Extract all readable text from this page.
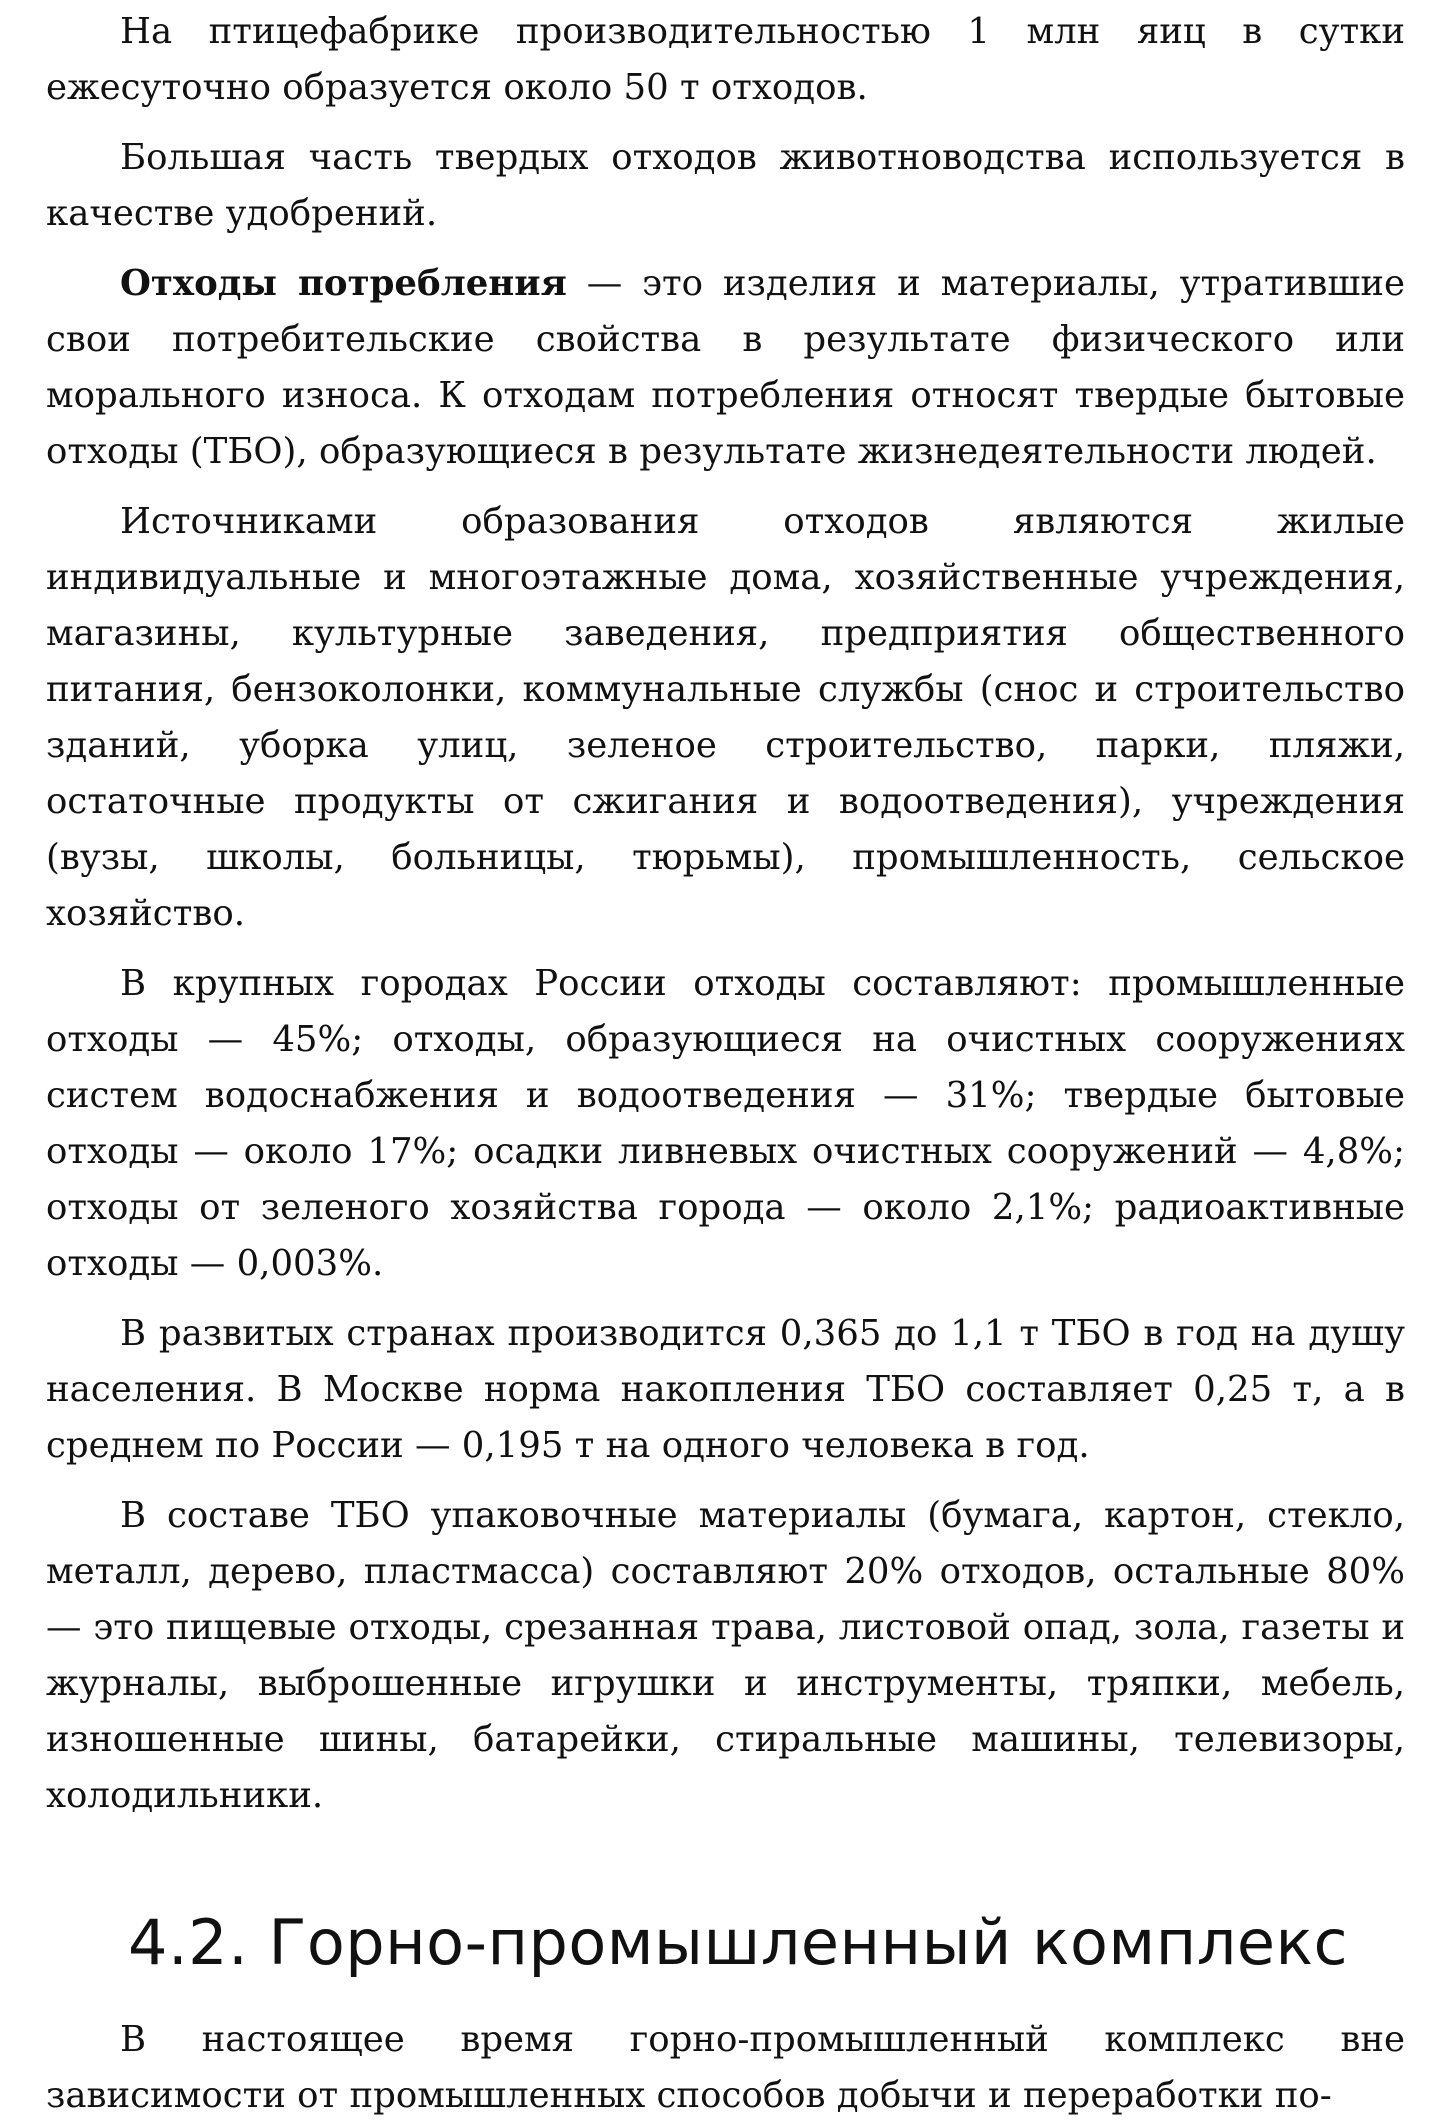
На птицефабрике производительностью 1 млн яиц в сутки ежесуточно образуется около 50 т отходов.

Большая часть твердых отходов животноводства используется в качестве удобрений.

Отходы потребления — это изделия и материалы, утратившие свои потребительские свойства в результате физического или морального износа. К отходам потребления относят твердые бытовые отходы (ТБО), образующиеся в результате жизнедеятельности людей.

Источниками образования отходов являются жилые индивидуальные и многоэтажные дома, хозяйственные учреждения, магазины, культурные заведения, предприятия общественного питания, бензоколонки, коммунальные службы (снос и строительство зданий, уборка улиц, зеленое строительство, парки, пляжи, остаточные продукты от сжигания и водоотведения), учреждения (вузы, школы, больницы, тюрьмы), промышленность, сельское хозяйство.

В крупных городах России отходы составляют: промышленные отходы — 45%; отходы, образующиеся на очистных сооружениях систем водоснабжения и водоотведения — 31%; твердые бытовые отходы — около 17%; осадки ливневых очистных сооружений — 4,8%; отходы от зеленого хозяйства города — около 2,1%; радиоактивные отходы — 0,003%.

В развитых странах производится 0,365 до 1,1 т ТБО в год на душу населения. В Москве норма накопления ТБО составляет 0,25 т, а в среднем по России — 0,195 т на одного человека в год.

В составе ТБО упаковочные материалы (бумага, картон, стекло, металл, дерево, пластмасса) составляют 20% отходов, остальные 80% — это пищевые отходы, срезанная трава, листовой опад, зола, газеты и журналы, выброшенные игрушки и инструменты, тряпки, мебель, изношенные шины, батарейки, стиральные машины, телевизоры, холодильники.

4.2. Горно-промышленный комплекс

В настоящее время горно-промышленный комплекс вне зависимости от промышленных способов добычи и переработки по-
